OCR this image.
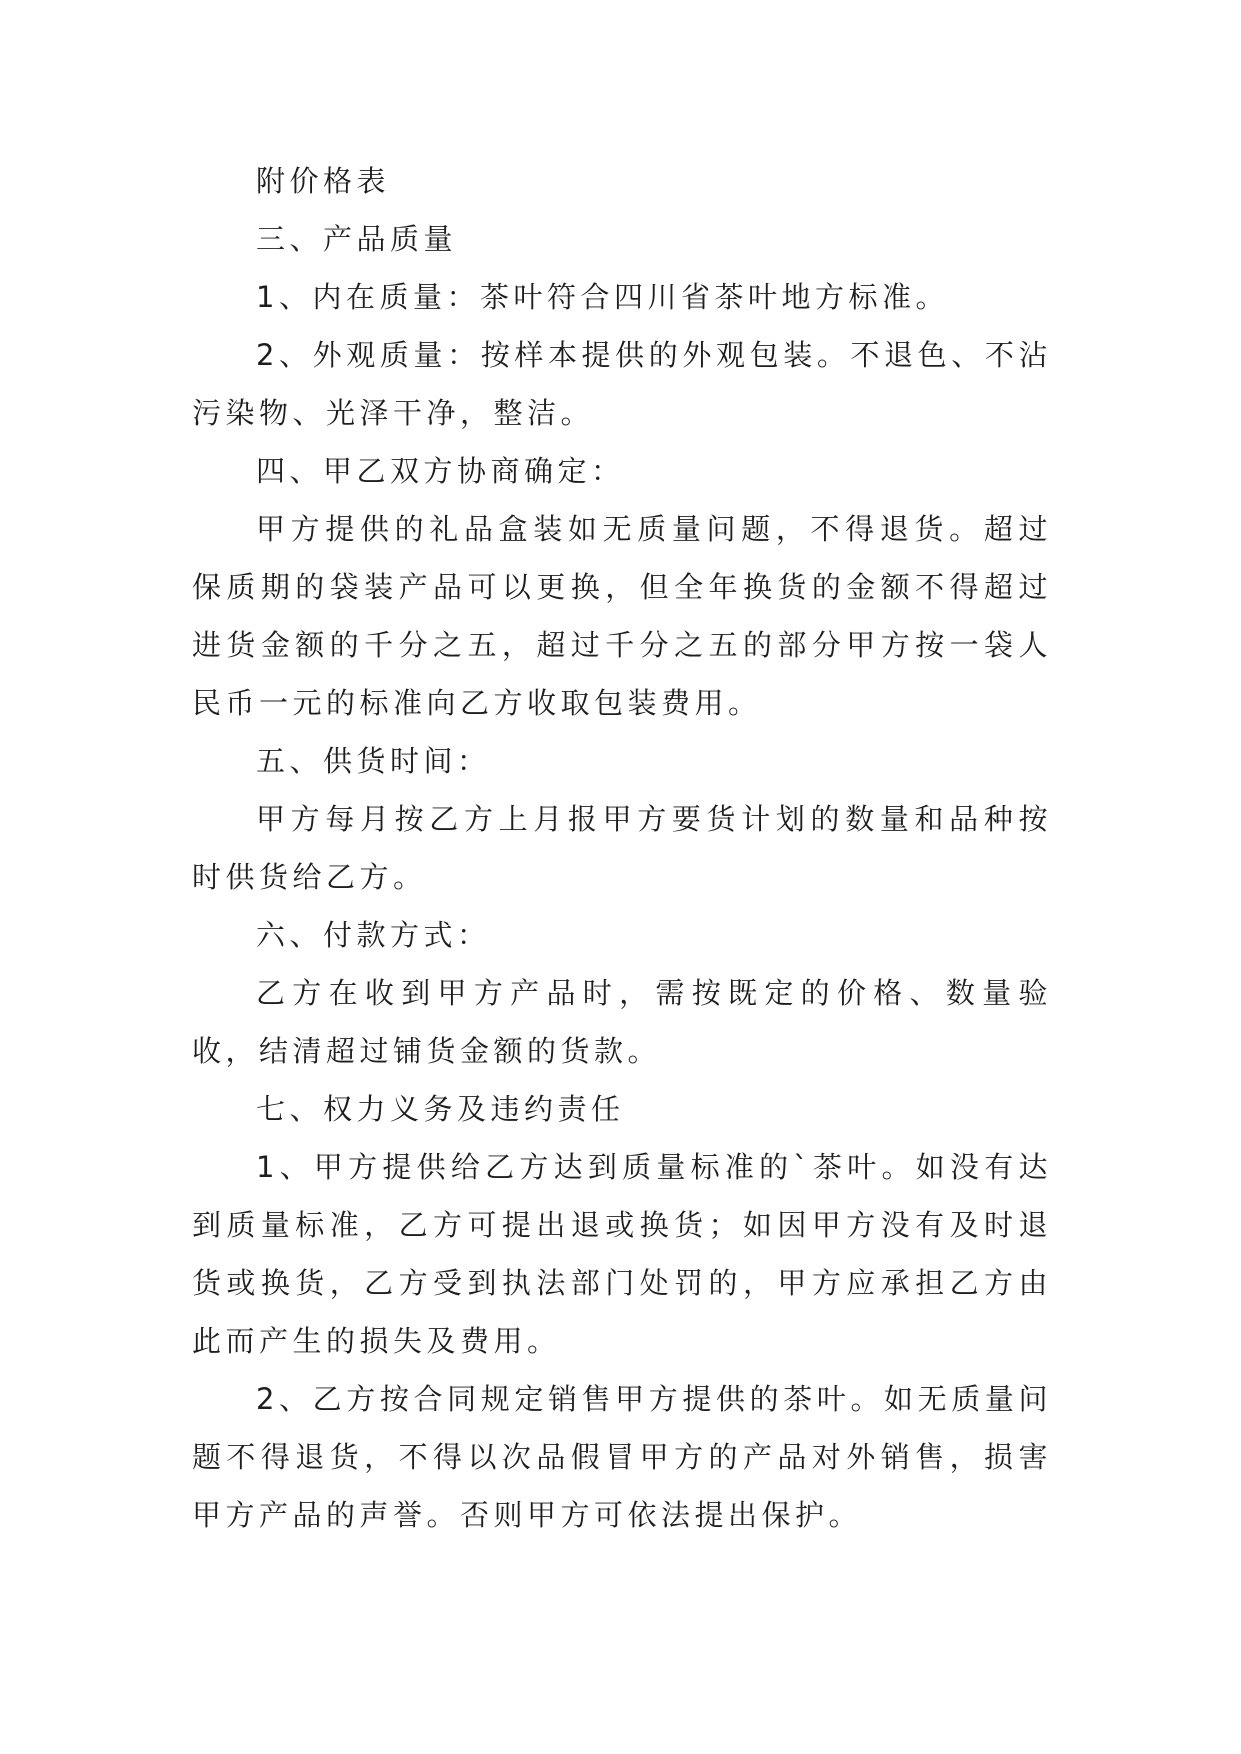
附价格表

三、产品质量

1、内在质量：茶叶符合四川省茶叶地方标准。

2、外观质量：按样本提供的外观包装。不退色、不沾污染物、光泽干净，整洁。

四、甲乙双方协商确定：

甲方提供的礼品盒装如无质量问题，不得退货。超过保质期的袋装产品可以更换，但全年换货的金额不得超过进货金额的千分之五，超过千分之五的部分甲方按一袋人民币一元的标准向乙方收取包装费用。

五、供货时间：

甲方每月按乙方上月报甲方要货计划的数量和品种按时供货给乙方。

六、付款方式：

乙方在收到甲方产品时，需按既定的价格、数量验收，结清超过铺货金额的货款。

七、权力义务及违约责任

1、甲方提供给乙方达到质量标准的`茶叶。如没有达到质量标准，乙方可提出退或换货；如因甲方没有及时退货或换货，乙方受到执法部门处罚的，甲方应承担乙方由此而产生的损失及费用。

2、乙方按合同规定销售甲方提供的茶叶。如无质量问题不得退货，不得以次品假冒甲方的产品对外销售，损害甲方产品的声誉。否则甲方可依法提出保护。
